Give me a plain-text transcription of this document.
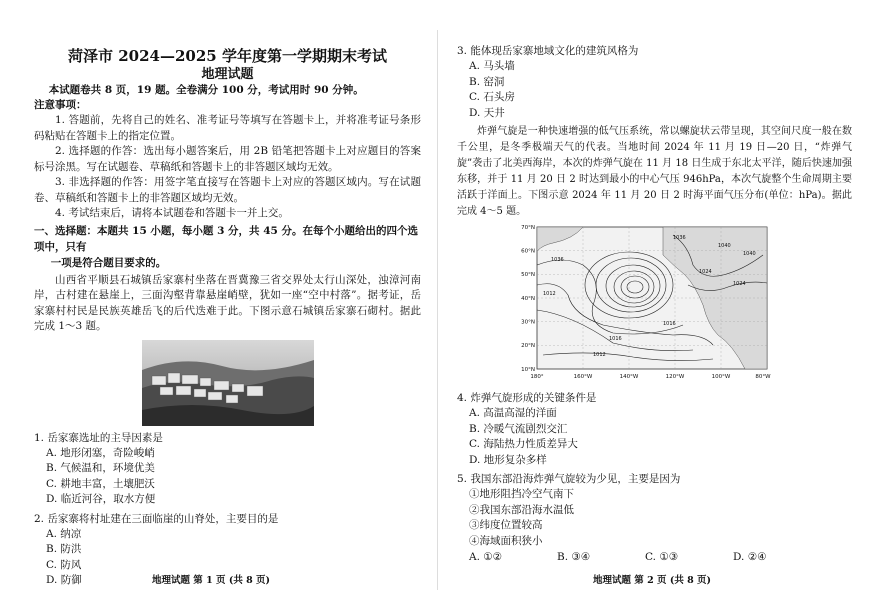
菏泽市 2024—2025 学年度第一学期期末考试

地理试题

本试题卷共 8 页，19 题。全卷满分 100 分，考试用时 90 分钟。

注意事项：

1. 答题前，先将自己的姓名、准考证号等填写在答题卡上，并将准考证号条形码粘贴在答题卡上的指定位置。

2. 选择题的作答：选出每小题答案后，用 2B 铅笔把答题卡上对应题目的答案标号涂黑。写在试题卷、草稿纸和答题卡上的非答题区域均无效。

3. 非选择题的作答：用签字笔直接写在答题卡上对应的答题区域内。写在试题卷、草稿纸和答题卡上的非答题区域均无效。

4. 考试结束后，请将本试题卷和答题卡一并上交。

一、选择题：本题共 15 小题，每小题 3 分，共 45 分。在每个小题给出的四个选项中，只有
一项是符合题目要求的。

山西省平顺县石城镇岳家寨村坐落在晋冀豫三省交界处太行山深处，浊漳河南岸，古村建在悬崖上，三面沟壑背靠悬崖峭壁，犹如一座“空中村落”。据考证，岳家寨村村民是民族英雄岳飞的后代迭难于此。下图示意石城镇岳家寨石砌村。据此完成 1～3 题。

1. 岳家寨选址的主导因素是

A. 地形闭塞，奇险峻峭

B. 气候温和，环境优美

C. 耕地丰富，土壤肥沃

D. 临近河谷，取水方便

2. 岳家寨将村址建在三面临崖的山脊处，主要目的是

A. 纳凉

B. 防洪

C. 防风

D. 防御	地理试题 第 1 页 (共 8 页)

3. 能体现岳家寨地域文化的建筑风格为

A. 马头墙

B. 窑洞

C. 石头房

D. 天井

炸弹气旋是一种快速增强的低气压系统，常以螺旋状云带呈现，其空间尺度一般在数千公里，是冬季极端天气的代表。当地时间 2024 年 11 月 19 日—20 日，“炸弹气旋”袭击了北美西海岸，本次的炸弹气旋在 11 月 18 日生成于东北太平洋，随后快速加强东移，并于 11 月 20 日 2 时达到最小的中心气压 946hPa，本次气旋整个生命周期主要活跃于洋面上。下图示意 2024 年 11 月 20 日 2 时海平面气压分布(单位：hPa)。据此完成 4～5 题。

1040
1036
1012
1016
1012
1024
1024
1040
1016
1036
70°N
60°N
50°N
40°N
30°N
20°N
10°N
180°	160°W	140°W	120°W	100°W	80°W

4. 炸弹气旋形成的关键条件是

A. 高温高湿的洋面

B. 冷暖气流剧烈交汇

C. 海陆热力性质差异大

D. 地形复杂多样

5. 我国东部沿海炸弹气旋较为少见，主要是因为

①地形阻挡冷空气南下

②我国东部沿海水温低

③纬度位置较高

④海域面积狭小

A. ①②	B. ③④	C. ①③	D. ②④
地理试题 第 2 页 (共 8 页)
